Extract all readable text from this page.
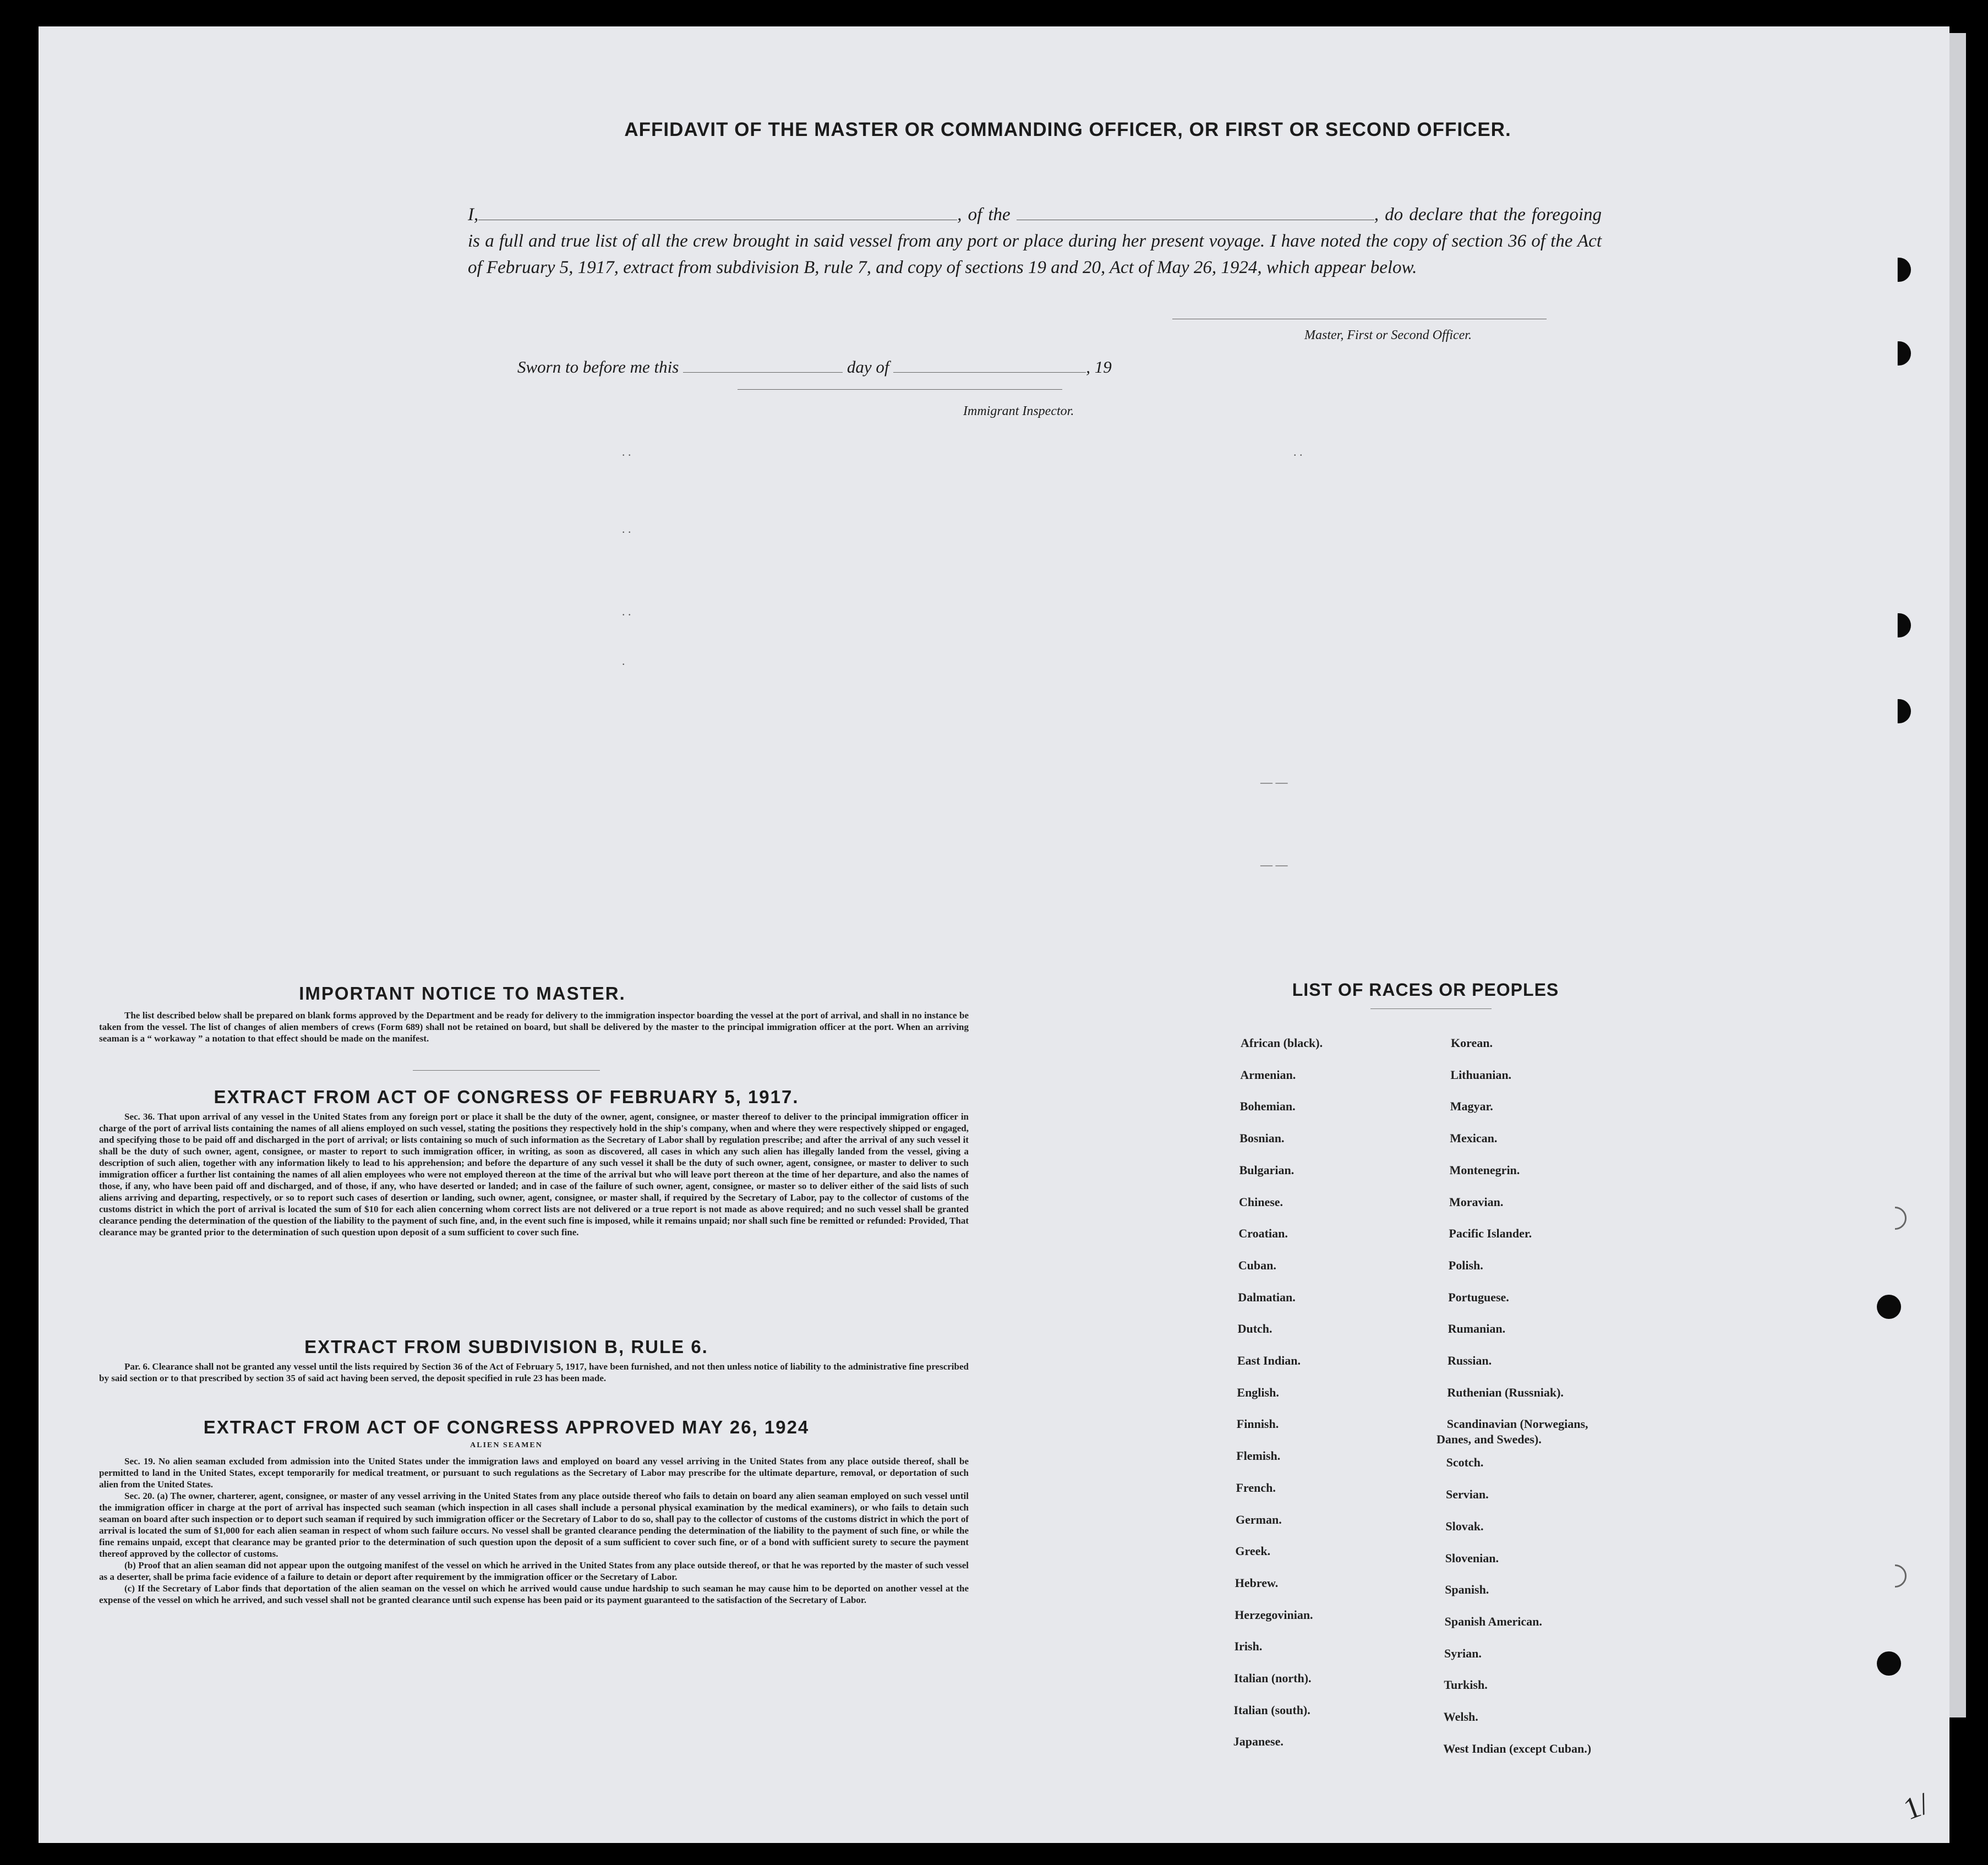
AFFIDAVIT OF THE MASTER OR COMMANDING OFFICER, OR FIRST OR SECOND OFFICER.
I,	, of the	, do declare that the foregoing is a full and true list of all the crew brought in said vessel from any port or place during her present voyage. I have noted the copy of section 36 of the Act of February 5, 1917, extract from subdivision B, rule 7, and copy of sections 19 and 20, Act of May 26, 1924, which appear below.
Master, First or Second Officer.
Sworn to before me this	day of	, 19
Immigrant Inspector.
IMPORTANT NOTICE TO MASTER.

The list described below shall be prepared on blank forms approved by the Department and be ready for delivery to the immigration inspector boarding the vessel at the port of arrival, and shall in no instance be taken from the vessel. The list of changes of alien members of crews (Form 689) shall not be retained on board, but shall be delivered by the master to the principal immigration officer at the port. When an arriving seaman is a “ workaway ” a notation to that effect should be made on the manifest.

EXTRACT FROM ACT OF CONGRESS OF FEBRUARY 5, 1917.

Sec. 36. That upon arrival of any vessel in the United States from any foreign port or place it shall be the duty of the owner, agent, consignee, or master thereof to deliver to the principal immigration officer in charge of the port of arrival lists containing the names of all aliens employed on such vessel, stating the positions they respectively hold in the ship's company, when and where they were respectively shipped or engaged, and specifying those to be paid off and discharged in the port of arrival; or lists containing so much of such information as the Secretary of Labor shall by regulation prescribe; and after the arrival of any such vessel it shall be the duty of such owner, agent, consignee, or master to report to such immigration officer, in writing, as soon as discovered, all cases in which any such alien has illegally landed from the vessel, giving a description of such alien, together with any information likely to lead to his apprehension; and before the departure of any such vessel it shall be the duty of such owner, agent, consignee, or master to deliver to such immigration officer a further list containing the names of all alien employees who were not employed thereon at the time of the arrival but who will leave port thereon at the time of her departure, and also the names of those, if any, who have been paid off and discharged, and of those, if any, who have deserted or landed; and in case of the failure of such owner, agent, consignee, or master so to deliver either of the said lists of such aliens arriving and departing, respectively, or so to report such cases of desertion or landing, such owner, agent, consignee, or master shall, if required by the Secretary of Labor, pay to the collector of customs of the customs district in which the port of arrival is located the sum of $10 for each alien concerning whom correct lists are not delivered or a true report is not made as above required; and no such vessel shall be granted clearance pending the determination of the question of the liability to the payment of such fine, and, in the event such fine is imposed, while it remains unpaid; nor shall such fine be remitted or refunded: Provided, That clearance may be granted prior to the determination of such question upon deposit of a sum sufficient to cover such fine.

EXTRACT FROM SUBDIVISION B, RULE 6.

Par. 6. Clearance shall not be granted any vessel until the lists required by Section 36 of the Act of February 5, 1917, have been furnished, and not then unless notice of liability to the administrative fine prescribed by said section or to that prescribed by section 35 of said act having been served, the deposit specified in rule 23 has been made.

EXTRACT FROM ACT OF CONGRESS APPROVED MAY 26, 1924
ALIEN SEAMEN

Sec. 19. No alien seaman excluded from admission into the United States under the immigration laws and employed on board any vessel arriving in the United States from any place outside thereof, shall be permitted to land in the United States, except temporarily for medical treatment, or pursuant to such regulations as the Secretary of Labor may prescribe for the ultimate departure, removal, or deportation of such alien from the United States.

Sec. 20. (a) The owner, charterer, agent, consignee, or master of any vessel arriving in the United States from any place outside thereof who fails to detain on board any alien seaman employed on such vessel until the immigration officer in charge at the port of arrival has inspected such seaman (which inspection in all cases shall include a personal physical examination by the medical examiners), or who fails to detain such seaman on board after such inspection or to deport such seaman if required by such immigration officer or the Secretary of Labor to do so, shall pay to the collector of customs of the customs district in which the port of arrival is located the sum of $1,000 for each alien seaman in respect of whom such failure occurs. No vessel shall be granted clearance pending the determination of the liability to the payment of such fine, or while the fine remains unpaid, except that clearance may be granted prior to the determination of such question upon the deposit of a sum sufficient to cover such fine, or of a bond with sufficient surety to secure the payment thereof approved by the collector of customs.

(b) Proof that an alien seaman did not appear upon the outgoing manifest of the vessel on which he arrived in the United States from any place outside thereof, or that he was reported by the master of such vessel as a deserter, shall be prima facie evidence of a failure to detain or deport after requirement by the immigration officer or the Secretary of Labor.

(c) If the Secretary of Labor finds that deportation of the alien seaman on the vessel on which he arrived would cause undue hardship to such seaman he may cause him to be deported on another vessel at the expense of the vessel on which he arrived, and such vessel shall not be granted clearance until such expense has been paid or its payment guaranteed to the satisfaction of the Secretary of Labor.

LIST OF RACES OR PEOPLES
. .
. .
. .
.
. .
— —
— —
African (black).
Armenian.
Bohemian.
Bosnian.
Bulgarian.
Chinese.
Croatian.
Cuban.
Dalmatian.
Dutch.
East Indian.
English.
Finnish.
Flemish.
French.
German.
Greek.
Hebrew.
Herzegovinian.
Irish.
Italian (north).
Italian (south).
Japanese.
Korean.
Lithuanian.
Magyar.
Mexican.
Montenegrin.
Moravian.
Pacific Islander.
Polish.
Portuguese.
Rumanian.
Russian.
Ruthenian (Russniak).
Scandinavian (Norwegians,
Danes, and Swedes).
Scotch.
Servian.
Slovak.
Slovenian.
Spanish.
Spanish American.
Syrian.
Turkish.
Welsh.
West Indian (except Cuban.)
1/
